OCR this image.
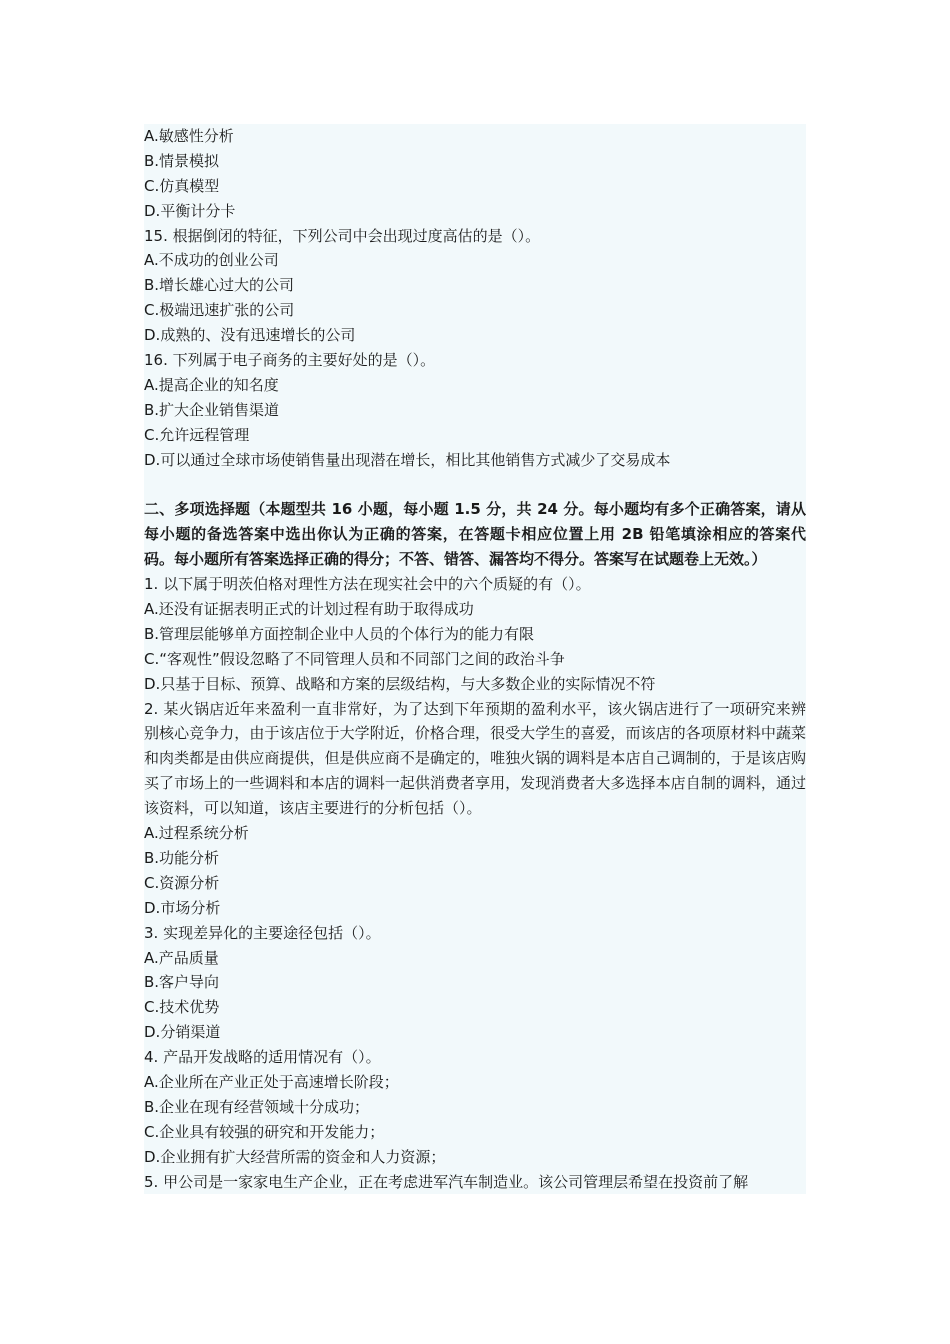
A.敏感性分析
B.情景模拟
C.仿真模型
D.平衡计分卡
15. 根据倒闭的特征，下列公司中会出现过度高估的是（）。
A.不成功的创业公司
B.增长雄心过大的公司
C.极端迅速扩张的公司
D.成熟的、没有迅速增长的公司
16. 下列属于电子商务的主要好处的是（）。
A.提高企业的知名度
B.扩大企业销售渠道
C.允许远程管理
D.可以通过全球市场使销售量出现潜在增长，相比其他销售方式减少了交易成本
二、多项选择题（本题型共 16 小题，每小题 1.5 分，共 24 分。每小题均有多个正确答案，请从每小题的备选答案中选出你认为正确的答案，在答题卡相应位置上用 2B 铅笔填涂相应的答案代码。每小题所有答案选择正确的得分；不答、错答、漏答均不得分。答案写在试题卷上无效。）
1. 以下属于明茨伯格对理性方法在现实社会中的六个质疑的有（）。
A.还没有证据表明正式的计划过程有助于取得成功
B.管理层能够单方面控制企业中人员的个体行为的能力有限
C.“客观性”假设忽略了不同管理人员和不同部门之间的政治斗争
D.只基于目标、预算、战略和方案的层级结构，与大多数企业的实际情况不符
2. 某火锅店近年来盈利一直非常好，为了达到下年预期的盈利水平，该火锅店进行了一项研究来辨别核心竞争力，由于该店位于大学附近，价格合理，很受大学生的喜爱，而该店的各项原材料中蔬菜和肉类都是由供应商提供，但是供应商不是确定的，唯独火锅的调料是本店自己调制的，于是该店购买了市场上的一些调料和本店的调料一起供消费者享用，发现消费者大多选择本店自制的调料，通过该资料，可以知道，该店主要进行的分析包括（）。
A.过程系统分析
B.功能分析
C.资源分析
D.市场分析
3. 实现差异化的主要途径包括（）。
A.产品质量
B.客户导向
C.技术优势
D.分销渠道
4. 产品开发战略的适用情况有（）。
A.企业所在产业正处于高速增长阶段；
B.企业在现有经营领域十分成功；
C.企业具有较强的研究和开发能力；
D.企业拥有扩大经营所需的资金和人力资源；
5. 甲公司是一家家电生产企业，正在考虑进军汽车制造业。该公司管理层希望在投资前了解
